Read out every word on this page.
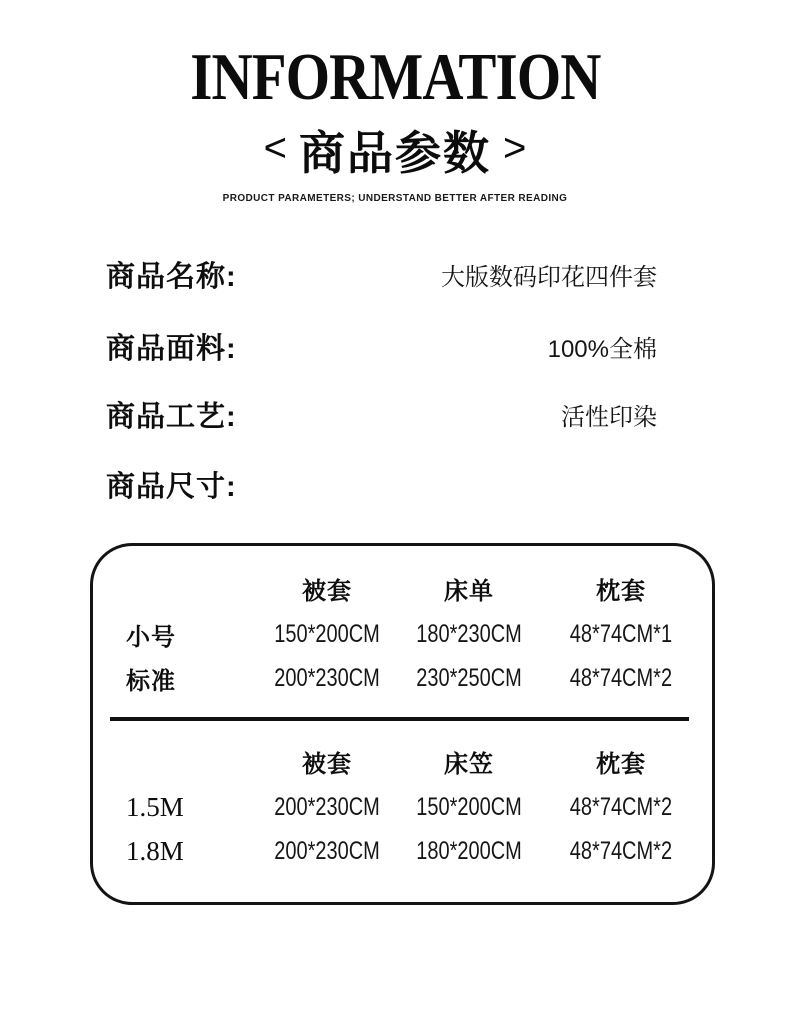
INFORMATION
< 商品参数 >

PRODUCT PARAMETERS; UNDERSTAND BETTER AFTER READING

商品名称:	大版数码印花四件套
商品面料:	100%全棉
商品工艺:	活性印染
商品尺寸:
被套	床单	枕套
小号	150*200CM 180*230CM 48*74CM*1
标准	200*230CM 230*250CM 48*74CM*2
被套	床笠	枕套
1.5M	200*230CM 150*200CM 48*74CM*2
1.8M	200*230CM 180*200CM 48*74CM*2
